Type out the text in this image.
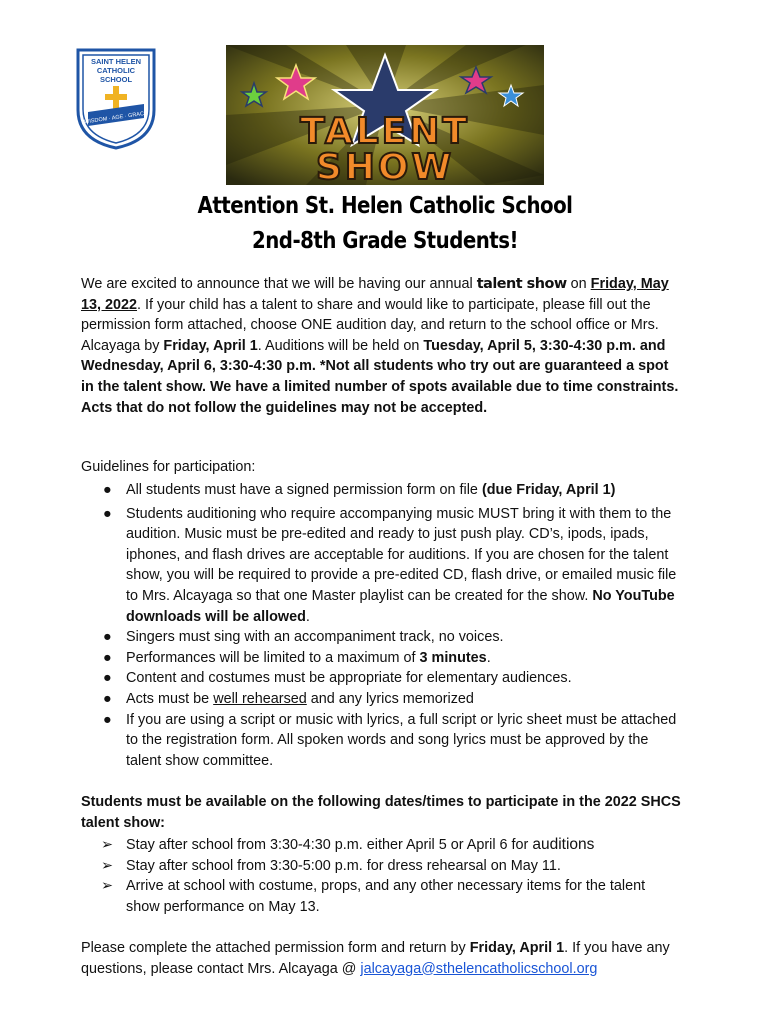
SAINT HELEN
CATHOLIC
SCHOOL
WISDOM · AGE · GRACE	TALENT
SHOW
Attention St. Helen Catholic School
2nd-8th Grade Students!
We are excited to announce that we will be having our annual talent show on Friday, May 13, 2022. If your child has a talent to share and would like to participate, please fill out the permission form attached, choose ONE audition day, and return to the school office or Mrs. Alcayaga by Friday, April 1. Auditions will be held on Tuesday, April 5, 3:30-4:30 p.m. and Wednesday, April 6, 3:30-4:30 p.m. *Not all students who try out are guaranteed a spot in the talent show. We have a limited number of spots available due to time constraints. Acts that do not follow the guidelines may not be accepted.
Guidelines for participation:
● All students must have a signed permission form on file (due Friday, April 1)
● Students auditioning who require accompanying music MUST bring it with them to the audition. Music must be pre-edited and ready to just push play. CD’s, ipods, ipads, iphones, and flash drives are acceptable for auditions. If you are chosen for the talent show, you will be required to provide a pre-edited CD, flash drive, or emailed music file to Mrs. Alcayaga so that one Master playlist can be created for the show. No YouTube downloads will be allowed.
● Singers must sing with an accompaniment track, no voices.
● Performances will be limited to a maximum of 3 minutes.
● Content and costumes must be appropriate for elementary audiences.
● Acts must be well rehearsed and any lyrics memorized
● If you are using a script or music with lyrics, a full script or lyric sheet must be attached to the registration form. All spoken words and song lyrics must be approved by the talent show committee.
Students must be available on the following dates/times to participate in the 2022 SHCS talent show:
➢ Stay after school from 3:30-4:30 p.m. either April 5 or April 6 for auditions
➢ Stay after school from 3:30-5:00 p.m. for dress rehearsal on May 11.
➢ Arrive at school with costume, props, and any other necessary items for the talent show performance on May 13.
Please complete the attached permission form and return by Friday, April 1. If you have any questions, please contact Mrs. Alcayaga @ jalcayaga@sthelencatholicschool.org
